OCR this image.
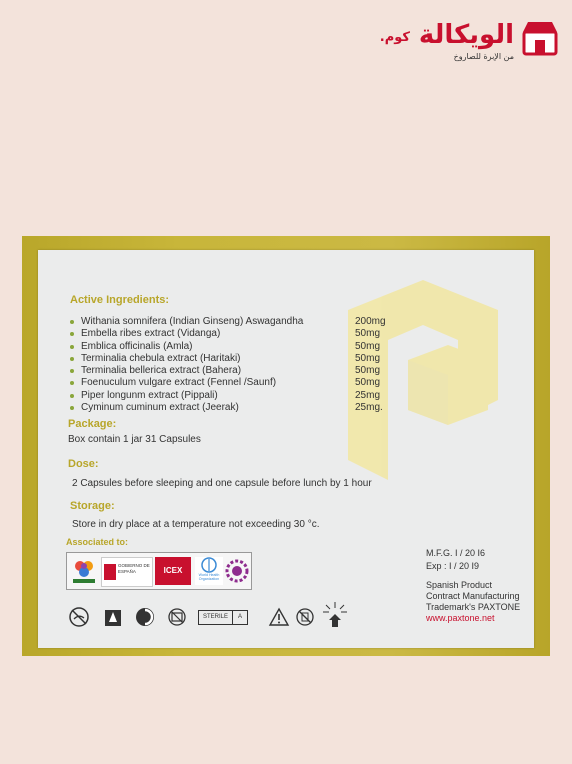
.كوم الويكالة
من الإبرة للصاروخ
Active Ingredients:
Withania somnifera (Indian Ginseng) Aswagandha	200mg
Embella ribes extract (Vidanga)	50mg
Emblica officinalis (Amla)	50mg
Terminalia chebula extract (Haritaki)	50mg
Terminalia bellerica extract (Bahera)	50mg
Foenuculum vulgare extract (Fennel /Saunf)	50mg
Piper longunm extract (Pippali)	25mg
Cyminum cuminum extract (Jeerak)	25mg.
Package:
Box contain 1 jar 31 Capsules
Dose:
2 Capsules before sleeping and one capsule before lunch by 1 hour
Storage:
Store in dry place at a temperature not exceeding 30 °c.
Associated to:
GOBIERNO DE ESPAÑA	ICEX	World Health Organization
STERILE A
M.F.G. I / 20 I6
Exp : I / 20 I9
Spanish Product
Contract Manufacturing
Trademark's PAXTONE
www.paxtone.net
